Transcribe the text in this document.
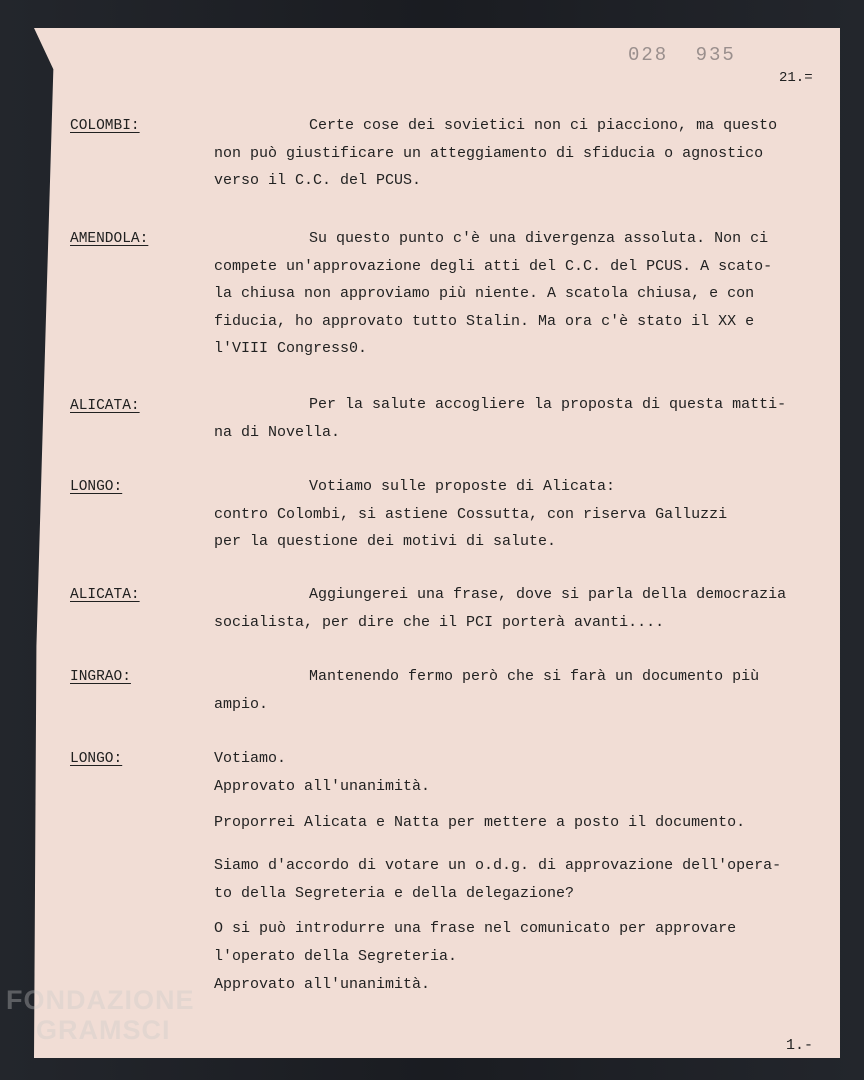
028 935
21.=
COLOMBI:	Certe cose dei sovietici non ci piacciono, ma questo
non può giustificare un atteggiamento di sfiducia o agnostico
verso il C.C. del PCUS.

AMENDOLA:	Su questo punto c'è una divergenza assoluta. Non ci
compete un'approvazione degli atti del C.C. del PCUS. A scato-
la chiusa non approviamo più niente. A scatola chiusa, e con
fiducia, ho approvato tutto Stalin. Ma ora c'è stato il XX e
l'VIII Congress0.

ALICATA:	Per la salute accogliere la proposta di questa matti-
na di Novella.

LONGO:	Votiamo sulle proposte di Alicata:
contro Colombi, si astiene Cossutta, con riserva Galluzzi
per la questione dei motivi di salute.

ALICATA:	Aggiungerei una frase, dove si parla della democrazia
socialista, per dire che il PCI porterà avanti....

INGRAO:	Mantenendo fermo però che si farà un documento più
ampio.

LONGO:	Votiamo.
Approvato all'unanimità.

Proporrei Alicata e Natta per mettere a posto il documento.

Siamo d'accordo di votare un o.d.g. di approvazione dell'opera-
to della Segreteria e della delegazione?

O si può introdurre una frase nel comunicato per approvare
l'operato della Segreteria.

Approvato all'unanimità.

1.-
FONDAZIONE
GRAMSCI
